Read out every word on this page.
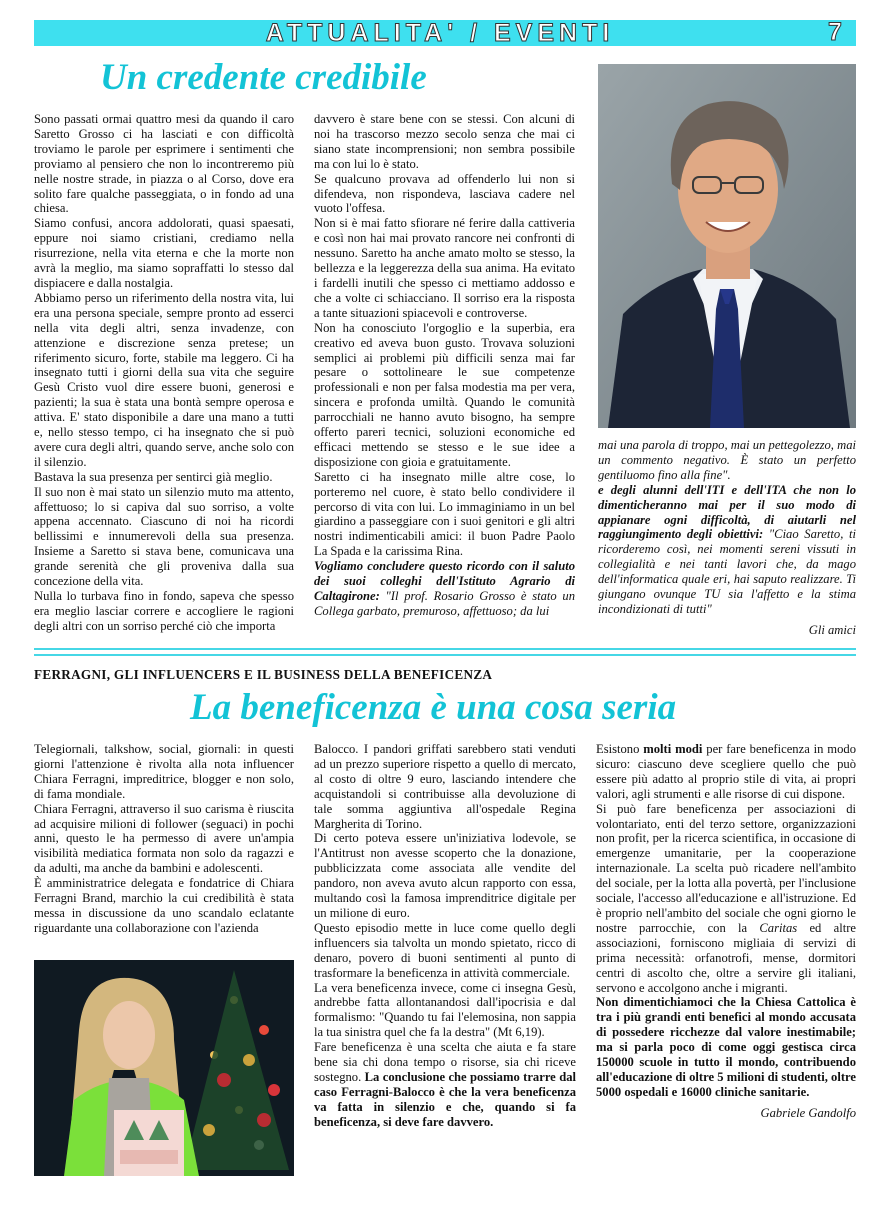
ATTUALITA' / EVENTI	7
Un credente credibile

Sono passati ormai quattro mesi da quando il caro Saretto Grosso ci ha lasciati e con difficoltà troviamo le parole per esprimere i sentimenti che proviamo al pensiero che non lo incontreremo più nelle nostre strade, in piazza o al Corso, dove era solito fare qualche passeggiata, o in fondo ad una chiesa.

Siamo confusi, ancora addolorati, quasi spaesati, eppure noi siamo cristiani, crediamo nella risurrezione, nella vita eterna e che la morte non avrà la meglio, ma siamo sopraffatti lo stesso dal dispiacere e dalla nostalgia.

Abbiamo perso un riferimento della nostra vita, lui era una persona speciale, sempre pronto ad esserci nella vita degli altri, senza invadenze, con attenzione e discrezione senza pretese; un riferimento sicuro, forte, stabile ma leggero. Ci ha insegnato tutti i giorni della sua vita che seguire Gesù Cristo vuol dire essere buoni, generosi e pazienti; la sua è stata una bontà sempre operosa e attiva. E' stato disponibile a dare una mano a tutti e, nello stesso tempo, ci ha insegnato che si può avere cura degli altri, quando serve, anche solo con il silenzio.

Bastava la sua presenza per sentirci già meglio.

Il suo non è mai stato un silenzio muto ma attento, affettuoso; lo si capiva dal suo sorriso, a volte appena accennato. Ciascuno di noi ha ricordi bellissimi e innumerevoli della sua presenza. Insieme a Saretto si stava bene, comunicava una grande serenità che gli proveniva dalla sua concezione della vita.

Nulla lo turbava fino in fondo, sapeva che spesso era meglio lasciar correre e accogliere le ragioni degli altri con un sorriso perché ciò che importa

davvero è stare bene con se stessi. Con alcuni di noi ha trascorso mezzo secolo senza che mai ci siano state incomprensioni; non sembra possibile ma con lui lo è stato.

Se qualcuno provava ad offenderlo lui non si difendeva, non rispondeva, lasciava cadere nel vuoto l'offesa.

Non si è mai fatto sfiorare né ferire dalla cattiveria e così non hai mai provato rancore nei confronti di nessuno. Saretto ha anche amato molto se stesso, la bellezza e la leggerezza della sua anima. Ha evitato i fardelli inutili che spesso ci mettiamo addosso e che a volte ci schiacciano. Il sorriso era la risposta a tante situazioni spiacevoli e controverse.

Non ha conosciuto l'orgoglio e la superbia, era creativo ed aveva buon gusto. Trovava soluzioni semplici ai problemi più difficili senza mai far pesare o sottolineare le sue competenze professionali e non per falsa modestia ma per vera, sincera e profonda umiltà. Quando le comunità parrocchiali ne hanno avuto bisogno, ha sempre offerto pareri tecnici, soluzioni economiche ed efficaci mettendo se stesso e le sue idee a disposizione con gioia e gratuitamente.

Saretto ci ha insegnato mille altre cose, lo porteremo nel cuore, è stato bello condividere il percorso di vita con lui. Lo immaginiamo in un bel giardino a passeggiare con i suoi genitori e gli altri nostri indimenticabili amici: il buon Padre Paolo La Spada e la carissima Rina.

Vogliamo concludere questo ricordo con il saluto dei suoi colleghi dell'Istituto Agrario di Caltagirone: "Il prof. Rosario Grosso è stato un Collega garbato, premuroso, affettuoso; da lui

mai una parola di troppo, mai un pettegolezzo, mai un commento negativo. È stato un perfetto gentiluomo fino alla fine".

e degli alunni dell'ITI e dell'ITA che non lo dimenticheranno mai per il suo modo di appianare ogni difficoltà, di aiutarli nel raggiungimento degli obiettivi: "Ciao Saretto, ti ricorderemo così, nei momenti sereni vissuti in collegialità e nei tanti lavori che, da mago dell'informatica quale eri, hai saputo realizzare. Ti giungano ovunque TU sia l'affetto e la stima incondizionati di tutti"

Gli amici

FERRAGNI, GLI INFLUENCERS E IL BUSINESS DELLA BENEFICENZA
La beneficenza è una cosa seria

Telegiornali, talkshow, social, giornali: in questi giorni l'attenzione è rivolta alla nota influencer Chiara Ferragni, impreditrice, blogger e non solo, di fama mondiale.

Chiara Ferragni, attraverso il suo carisma è riuscita ad acquisire milioni di follower (seguaci) in pochi anni, questo le ha permesso di avere un'ampia visibilità mediatica formata non solo da ragazzi e da adulti, ma anche da bambini e adolescenti.

È amministratrice delegata e fondatrice di Chiara Ferragni Brand, marchio la cui credibilità è stata messa in discussione da uno scandalo eclatante riguardante una collaborazione con l'azienda

Balocco. I pandori griffati sarebbero stati venduti ad un prezzo superiore rispetto a quello di mercato, al costo di oltre 9 euro, lasciando intendere che acquistandoli si contribuisse alla devoluzione di tale somma aggiuntiva all'ospedale Regina Margherita di Torino.

Di certo poteva essere un'iniziativa lodevole, se l'Antitrust non avesse scoperto che la donazione, pubblicizzata come associata alle vendite del pandoro, non aveva avuto alcun rapporto con essa, multando così la famosa imprenditrice digitale per un milione di euro.

Questo episodio mette in luce come quello degli influencers sia talvolta un mondo spietato, ricco di denaro, povero di buoni sentimenti al punto di trasformare la beneficenza in attività commerciale.

La vera beneficenza invece, come ci insegna Gesù, andrebbe fatta allontanandosi dall'ipocrisia e dal formalismo: "Quando tu fai l'elemosina, non sappia la tua sinistra quel che fa la destra" (Mt 6,19).

Fare beneficenza è una scelta che aiuta e fa stare bene sia chi dona tempo o risorse, sia chi riceve sostegno. La conclusione che possiamo trarre dal caso Ferragni-Balocco è che la vera beneficenza va fatta in silenzio e che, quando si fa beneficenza, si deve fare davvero.

Esistono molti modi per fare beneficenza in modo sicuro: ciascuno deve scegliere quello che può essere più adatto al proprio stile di vita, ai propri valori, agli strumenti e alle risorse di cui dispone.

Si può fare beneficenza per associazioni di volontariato, enti del terzo settore, organizzazioni non profit, per la ricerca scientifica, in occasione di emergenze umanitarie, per la cooperazione internazionale. La scelta può ricadere nell'ambito del sociale, per la lotta alla povertà, per l'inclusione sociale, l'accesso all'educazione e all'istruzione. Ed è proprio nell'ambito del sociale che ogni giorno le nostre parrocchie, con la Caritas ed altre associazioni, forniscono migliaia di servizi di prima necessità: orfanotrofi, mense, dormitori centri di ascolto che, oltre a servire gli italiani, servono e accolgono anche i migranti.

Non dimentichiamoci che la Chiesa Cattolica è tra i più grandi enti benefici al mondo accusata di possedere ricchezze dal valore inestimabile; ma si parla poco di come oggi gestisca circa 150000 scuole in tutto il mondo, contribuendo all'educazione di oltre 5 milioni di studenti, oltre 5000 ospedali e 16000 cliniche sanitarie.

Gabriele Gandolfo
